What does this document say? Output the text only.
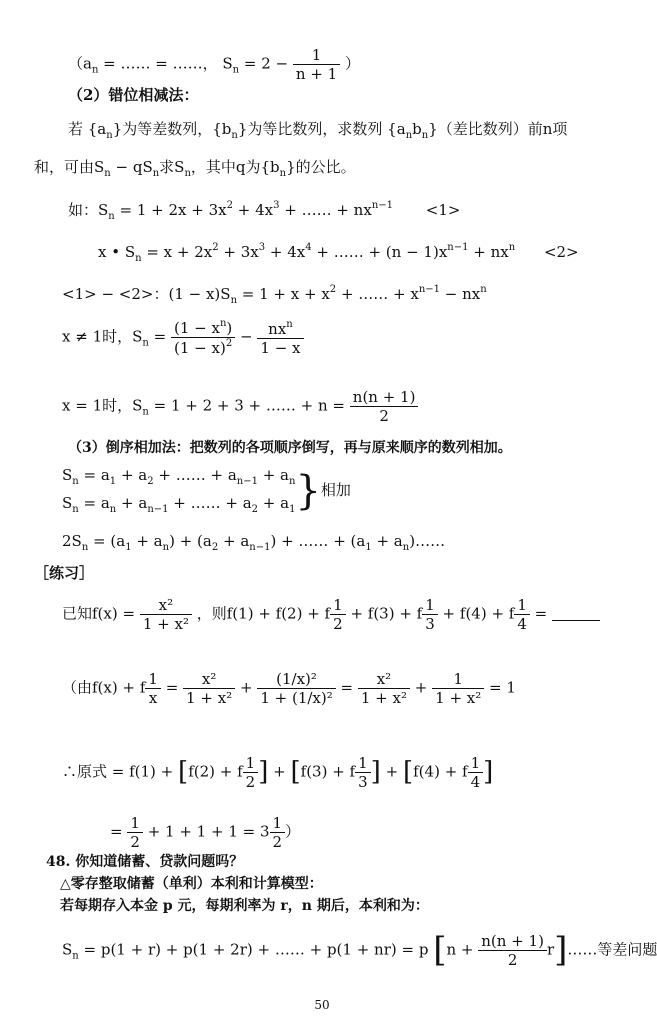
（$a_n$ = …… = ……， $S_n = 2 - \frac{1}{n + 1}$ ）
（2）错位相减法：
若 $\{a_n\}$为等差数列，$\{b_n\}$为等比数列，求数列 $\{a_nb_n\}$（差比数列）前n项
和，可由$S_n - qS_n$求$S_n$，其中q为$\{b_n\}$的公比。
如：$S_n = 1 + 2x + 3x^2 + 4x^3$ + …… + $nx^{n-1} <1>$
x • $S_n = x + 2x^2 + 3x^3 + 4x^4$ + …… + $(n - 1)x^{n-1} + nx^n <2>$
<1> − <2>：$(1 - x)S_n = 1 + x + x^2$ + …… + $x^{n-1} - nx^n$
x ≠ 1时，$S_n = \frac{(1 - x^n)}{(1 - x)^2} - \frac{nx^n}{1 - x}$
x = 1时，$S_n = 1 + 2 + 3$ + …… + $n = \frac{n(n + 1)}{2}$
（3）倒序相加法：把数列的各项顺序倒写，再与原来顺序的数列相加。
$S_n = a_1 + a_2$ + …… + $a_{n-1} + a_n$
$S_n = a_n + a_{n-1}$ + …… + $a_2 + a_1$ }相加
$2S_n = (a_1 + a_n) + (a_2 + a_{n-1})$ + …… + ($a_1$ + $a_n)\dots\dots$
［练习］
已知$f(x) = \frac{\text{x²}}{\text{1 + x²}}$ ，则f(1) + f(2) + f $\frac{1}{2} + f(3) + f \frac{1}{3} + f(4) + f \frac{1}{4}$ =
（由f(x) + f $\frac{1}{x} = \frac{\text{x²}}{\text{1 + x²}} + \frac{\text{(1/x)²}}{\text{1 + (1/x)²}} = \frac{\text{x²}}{\text{1 + x²}} + \frac{1}{\text{1 + x²}} = 1$
∴原式 = f(1) + [f(2) + f $\frac{1}{2}$ ] + [f(3) + f $\frac{1}{3}$ ] + [f(4) + f $\frac{1}{4}$ ]
= $\frac{1}{2} + 1 + 1 + 1 = 3 \frac{1}{2}$ ）
48. 你知道储蓄、贷款问题吗？
△零存整取储蓄（单利）本利和计算模型：
若每期存入本金 p 元，每期利率为 r，n 期后，本利和为：
$S_n = p(1 + r) + p(1 + 2r)$ + …… + p(1 + nr) = p [$n + \frac{n(n + 1)}{2}$ r]……等差问题
50
